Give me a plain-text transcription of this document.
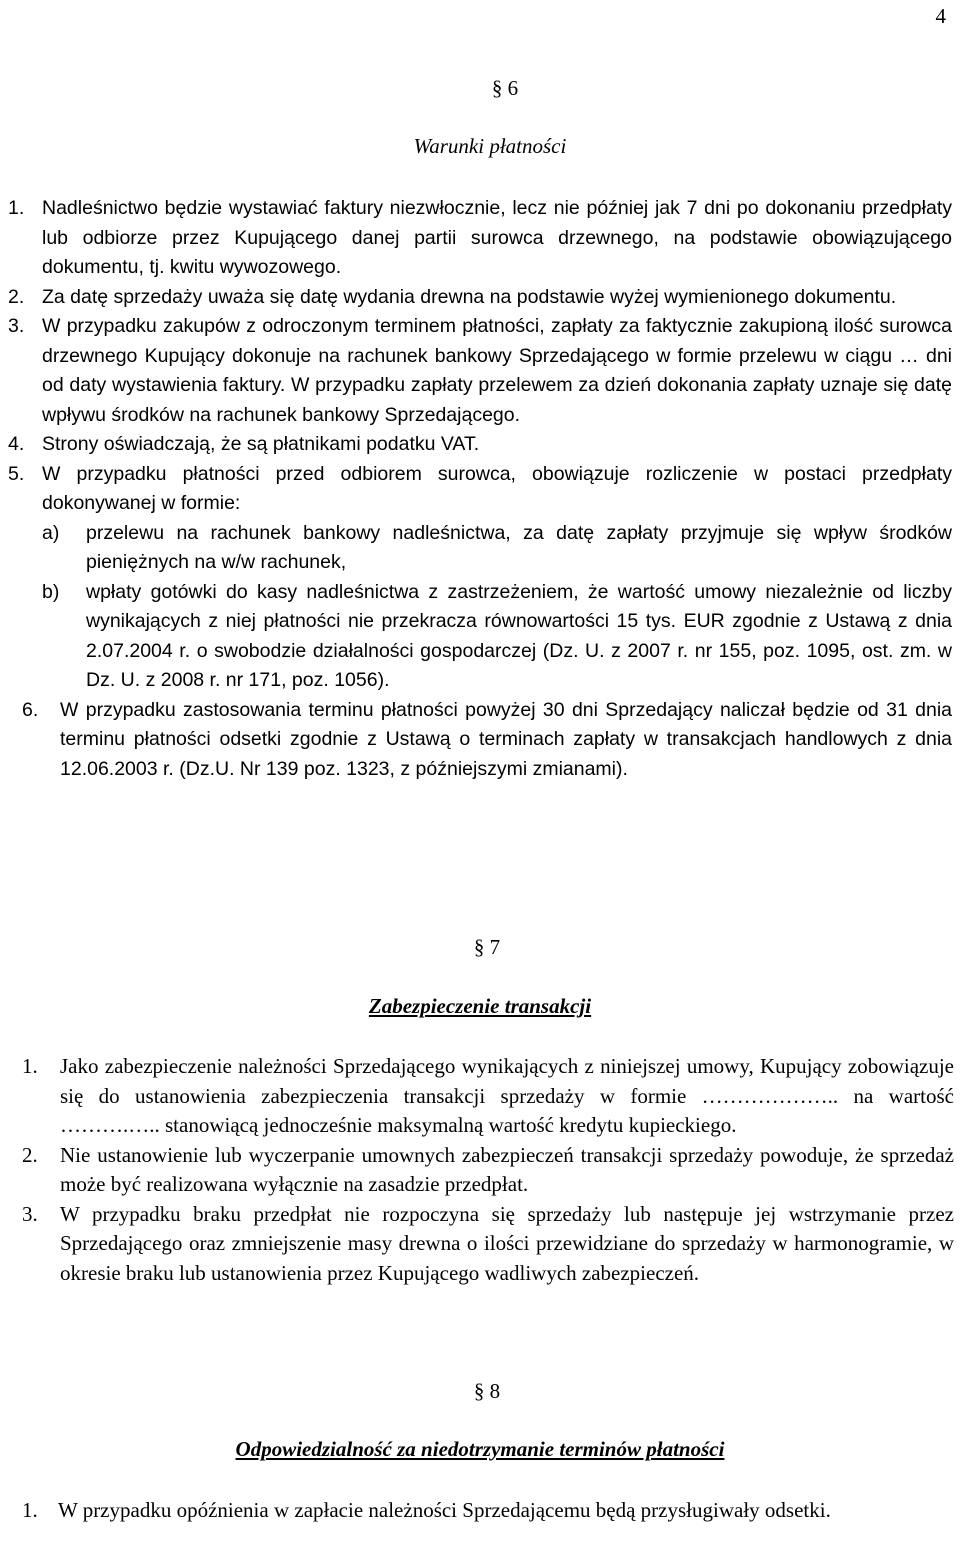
4
§ 6
Warunki płatności
1. Nadleśnictwo będzie wystawiać faktury niezwłocznie, lecz nie później jak 7 dni po dokonaniu przedpłaty lub odbiorze przez Kupującego danej partii surowca drzewnego, na podstawie obowiązującego dokumentu, tj. kwitu wywozowego.
2. Za datę sprzedaży uważa się datę wydania drewna na podstawie wyżej wymienionego dokumentu.
3. W przypadku zakupów z odroczonym terminem płatności, zapłaty za faktycznie zakupioną ilość surowca drzewnego Kupujący dokonuje na rachunek bankowy Sprzedającego w formie przelewu w ciągu … dni od daty wystawienia faktury. W przypadku zapłaty przelewem za dzień dokonania zapłaty uznaje się datę wpływu środków na rachunek bankowy Sprzedającego.
4. Strony oświadczają, że są płatnikami podatku VAT.
5. W przypadku płatności przed odbiorem surowca, obowiązuje rozliczenie w postaci przedpłaty dokonywanej w formie:
a)	przelewu na rachunek bankowy nadleśnictwa, za datę zapłaty przyjmuje się wpływ środków pieniężnych na w/w rachunek,
b)	wpłaty gotówki do kasy nadleśnictwa z zastrzeżeniem, że wartość umowy niezależnie od liczby wynikających z niej płatności nie przekracza równowartości 15 tys. EUR zgodnie z Ustawą z dnia 2.07.2004 r. o swobodzie działalności gospodarczej (Dz. U. z 2007 r. nr 155, poz. 1095, ost. zm. w Dz. U. z 2008 r. nr 171, poz. 1056).
6.	W przypadku zastosowania terminu płatności powyżej 30 dni Sprzedający naliczał będzie od 31 dnia terminu płatności odsetki zgodnie z Ustawą o terminach zapłaty w transakcjach handlowych z dnia 12.06.2003 r. (Dz.U. Nr 139 poz. 1323, z późniejszymi zmianami).
§ 7
Zabezpieczenie transakcji
1.	Jako zabezpieczenie należności Sprzedającego wynikających z niniejszej umowy, Kupujący zobowiązuje się do ustanowienia zabezpieczenia transakcji sprzedaży w formie ……………….. na wartość ……….….. stanowiącą jednocześnie maksymalną wartość kredytu kupieckiego.
2.	Nie ustanowienie lub wyczerpanie umownych zabezpieczeń transakcji sprzedaży powoduje, że sprzedaż może być realizowana wyłącznie na zasadzie przedpłat.
3.	W przypadku braku przedpłat nie rozpoczyna się sprzedaży lub następuje jej wstrzymanie przez Sprzedającego oraz zmniejszenie masy drewna o ilości przewidziane do sprzedaży w harmonogramie, w okresie braku lub ustanowienia przez Kupującego wadliwych zabezpieczeń.
§ 8
Odpowiedzialność za niedotrzymanie terminów płatności
1. W przypadku opóźnienia w zapłacie należności Sprzedającemu będą przysługiwały odsetki.
